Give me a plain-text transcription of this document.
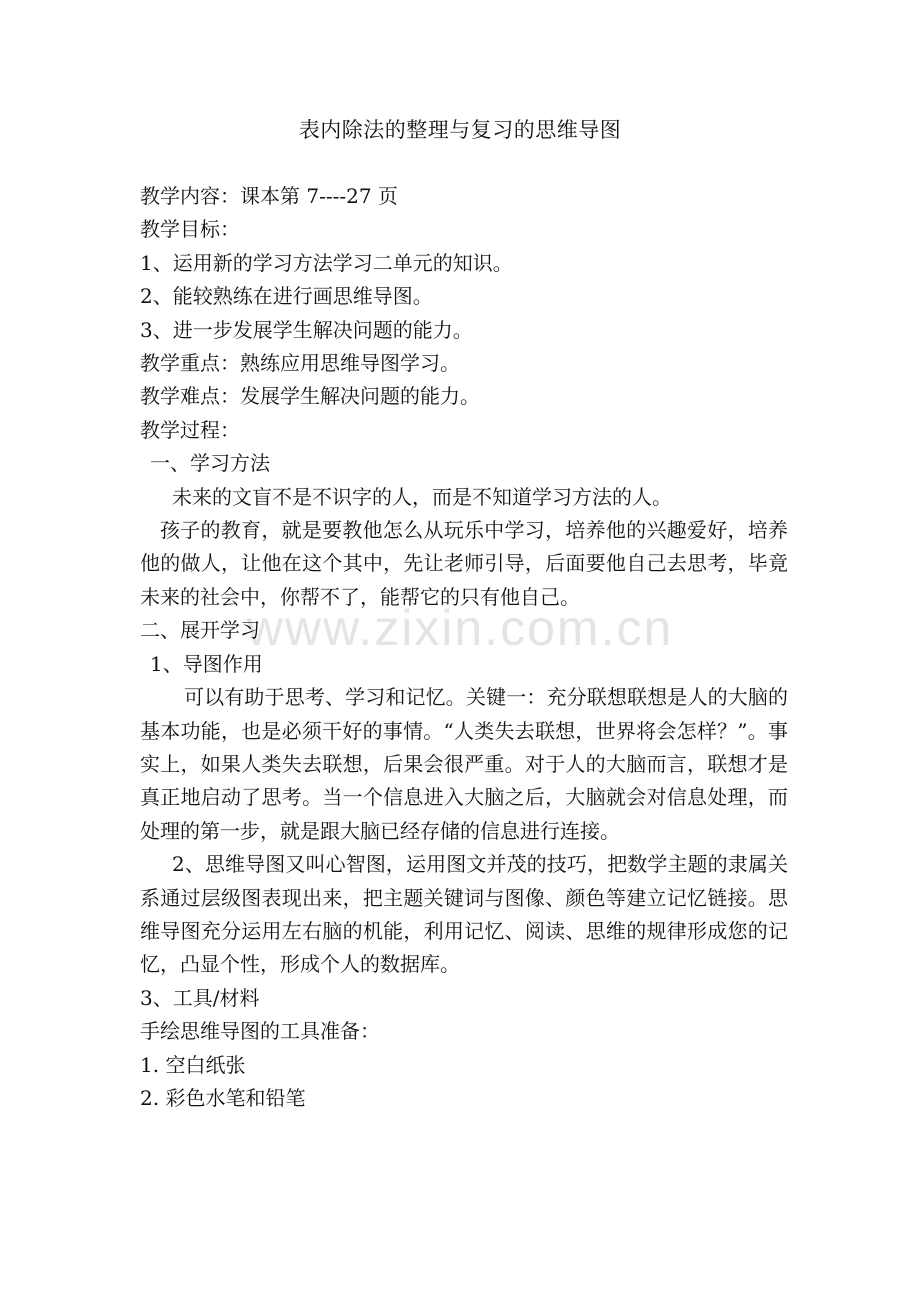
www.zixin.com.cn
表内除法的整理与复习的思维导图
教学内容：课本第 7----27 页
教学目标：
1、运用新的学习方法学习二单元的知识。
2、能较熟练在进行画思维导图。
3、进一步发展学生解决问题的能力。
教学重点：熟练应用思维导图学习。
教学难点：发展学生解决问题的能力。
教学过程：
一、学习方法
未来的文盲不是不识字的人，而是不知道学习方法的人。
孩子的教育，就是要教他怎么从玩乐中学习，培养他的兴趣爱好，培养他的做人，让他在这个其中，先让老师引导，后面要他自己去思考，毕竟未来的社会中，你帮不了，能帮它的只有他自己。
二、展开学习
1、导图作用
可以有助于思考、学习和记忆。关键一：充分联想联想是人的大脑的基本功能，也是必须干好的事情。“人类失去联想，世界将会怎样？”。事实上，如果人类失去联想，后果会很严重。对于人的大脑而言，联想才是真正地启动了思考。当一个信息进入大脑之后，大脑就会对信息处理，而处理的第一步，就是跟大脑已经存储的信息进行连接。
2、思维导图又叫心智图，运用图文并茂的技巧，把数学主题的隶属关系通过层级图表现出来，把主题关键词与图像、颜色等建立记忆链接。思维导图充分运用左右脑的机能，利用记忆、阅读、思维的规律形成您的记忆，凸显个性，形成个人的数据库。
3、工具/材料
手绘思维导图的工具准备：
1. 空白纸张
2. 彩色水笔和铅笔
